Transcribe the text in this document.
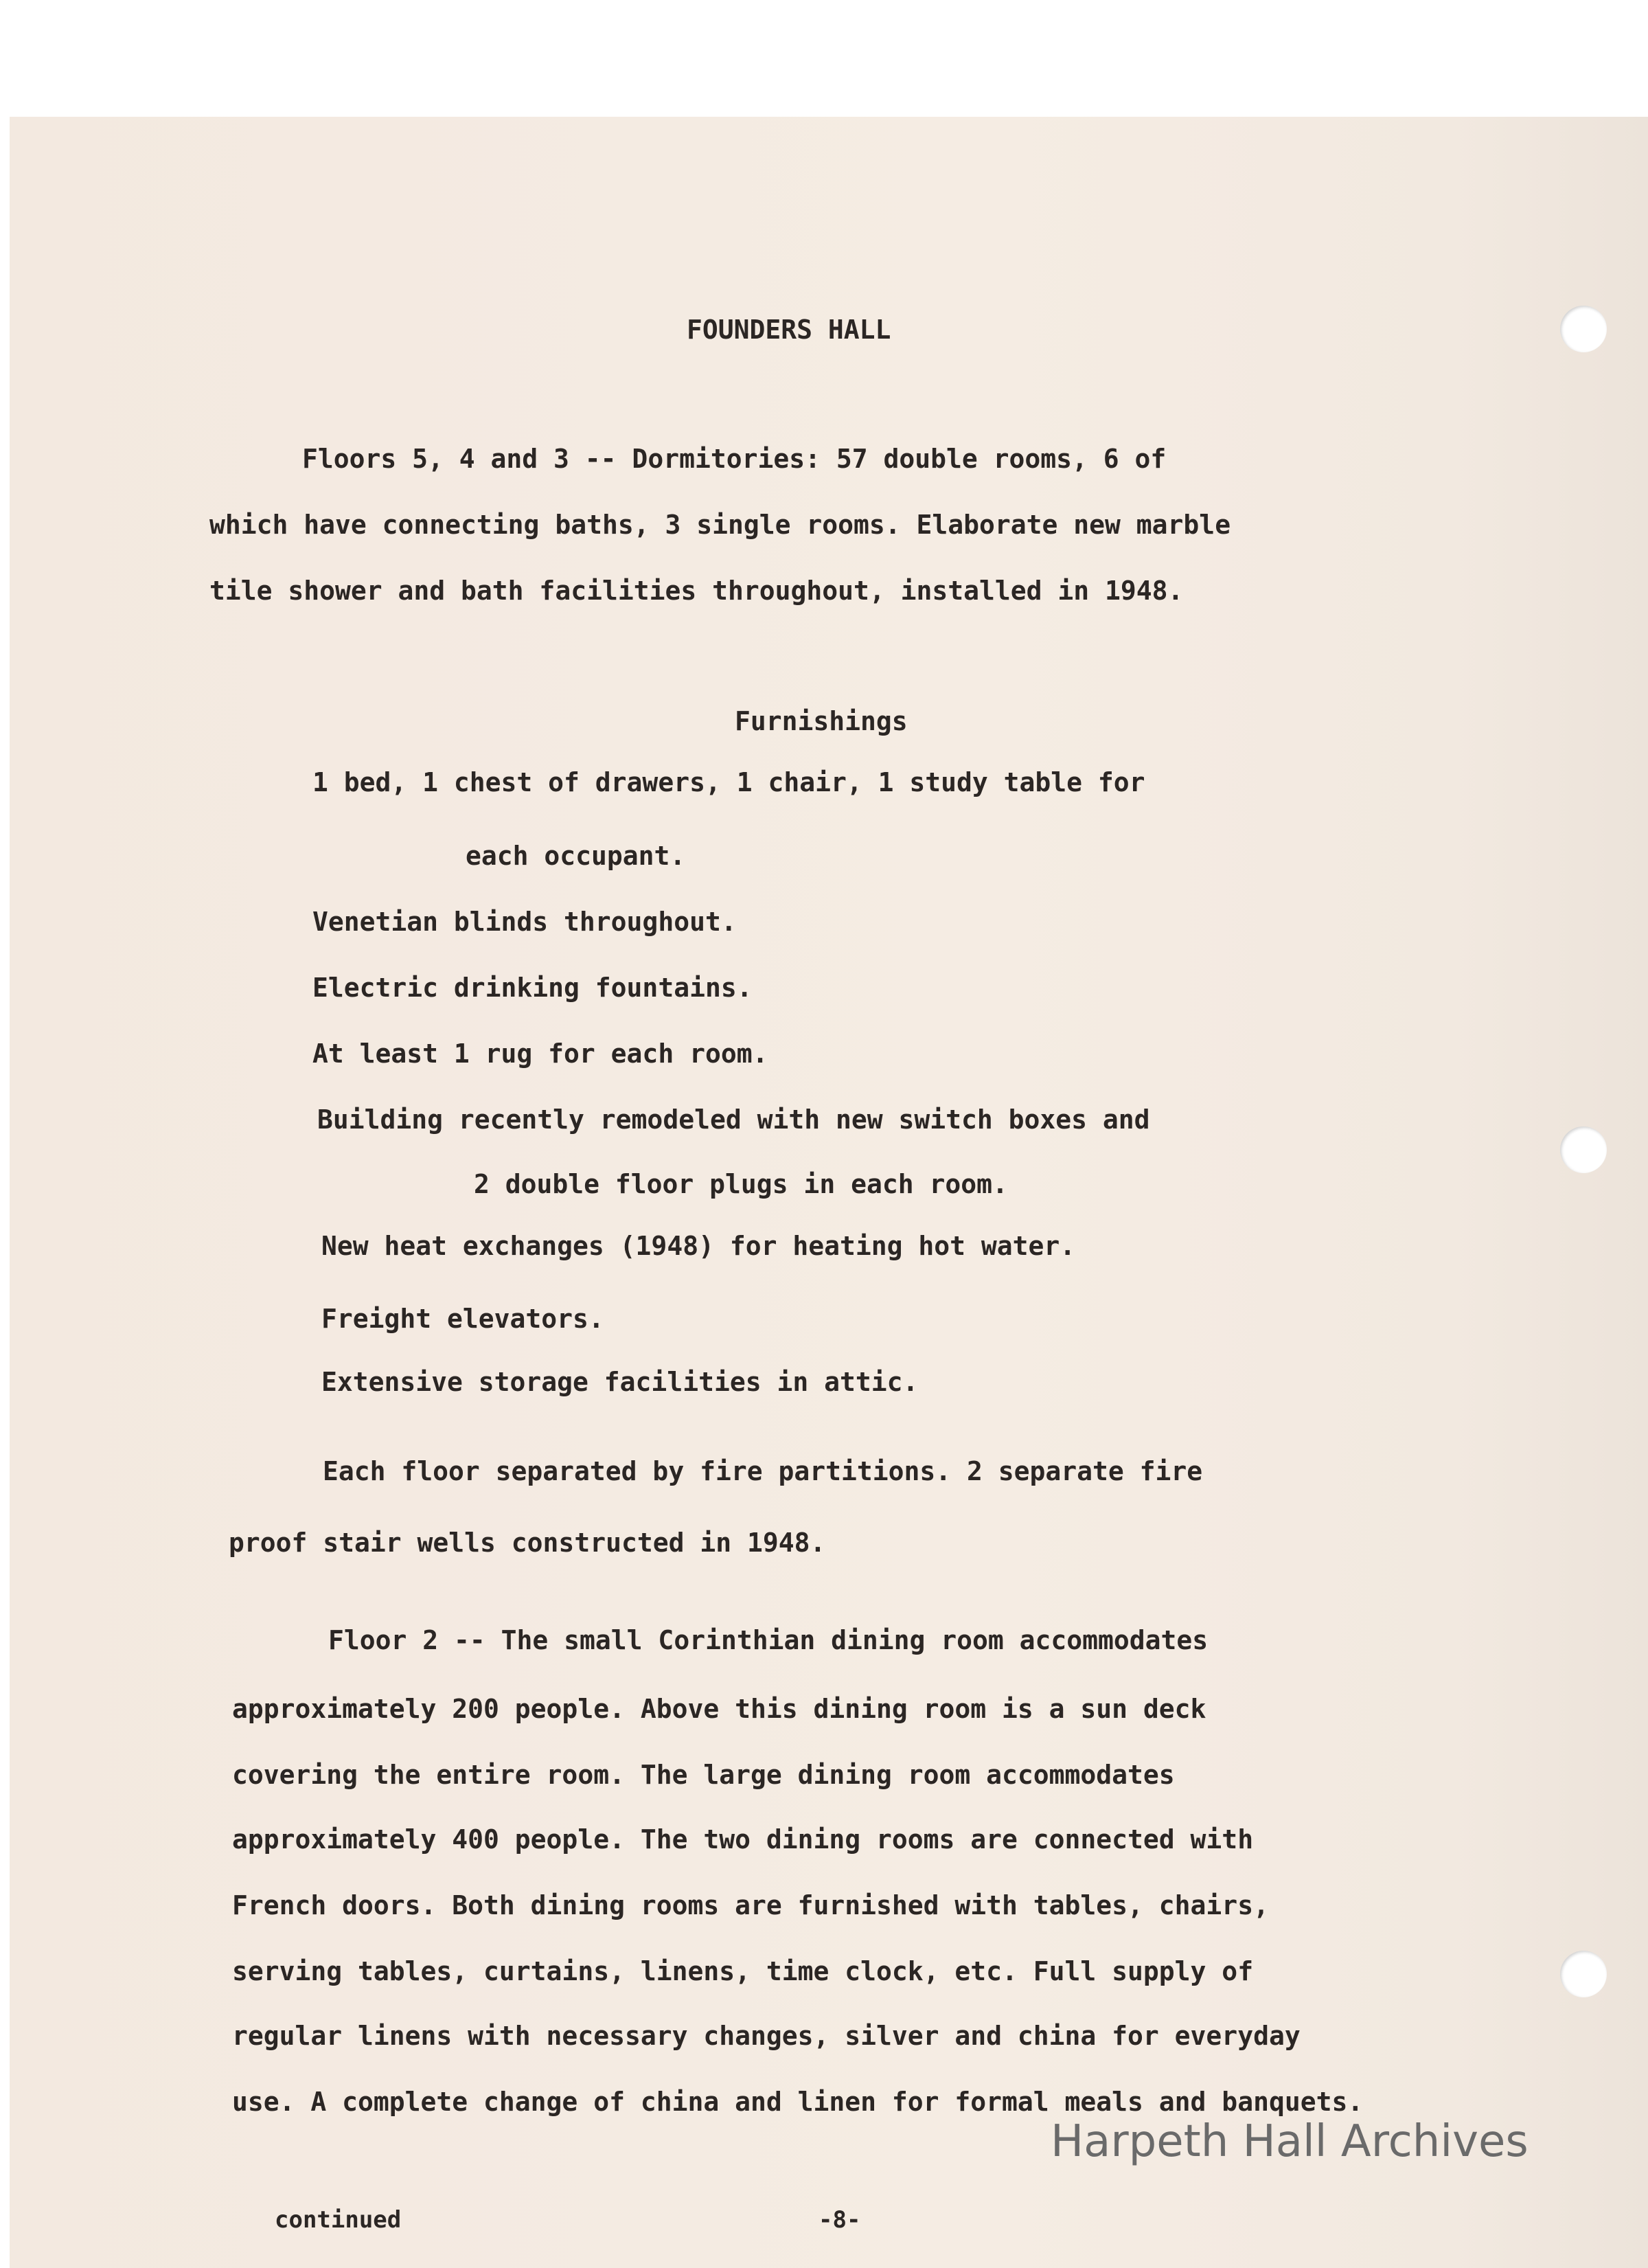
FOUNDERS HALL

Floors 5, 4 and 3 -- Dormitories: 57 double rooms, 6 of

which have connecting baths, 3 single rooms. Elaborate new marble

tile shower and bath facilities throughout, installed in 1948.

Furnishings

1 bed, 1 chest of drawers, 1 chair, 1 study table for

each occupant.

Venetian blinds throughout.

Electric drinking fountains.

At least 1 rug for each room.

Building recently remodeled with new switch boxes and

2 double floor plugs in each room.

New heat exchanges (1948) for heating hot water.

Freight elevators.

Extensive storage facilities in attic.

Each floor separated by fire partitions. 2 separate fire

proof stair wells constructed in 1948.

Floor 2 -- The small Corinthian dining room accommodates

approximately 200 people. Above this dining room is a sun deck

covering the entire room. The large dining room accommodates

approximately 400 people. The two dining rooms are connected with

French doors. Both dining rooms are furnished with tables, chairs,

serving tables, curtains, linens, time clock, etc. Full supply of

regular linens with necessary changes, silver and china for everyday

use. A complete change of china and linen for formal meals and banquets.

continued	-8-

Harpeth Hall Archives
